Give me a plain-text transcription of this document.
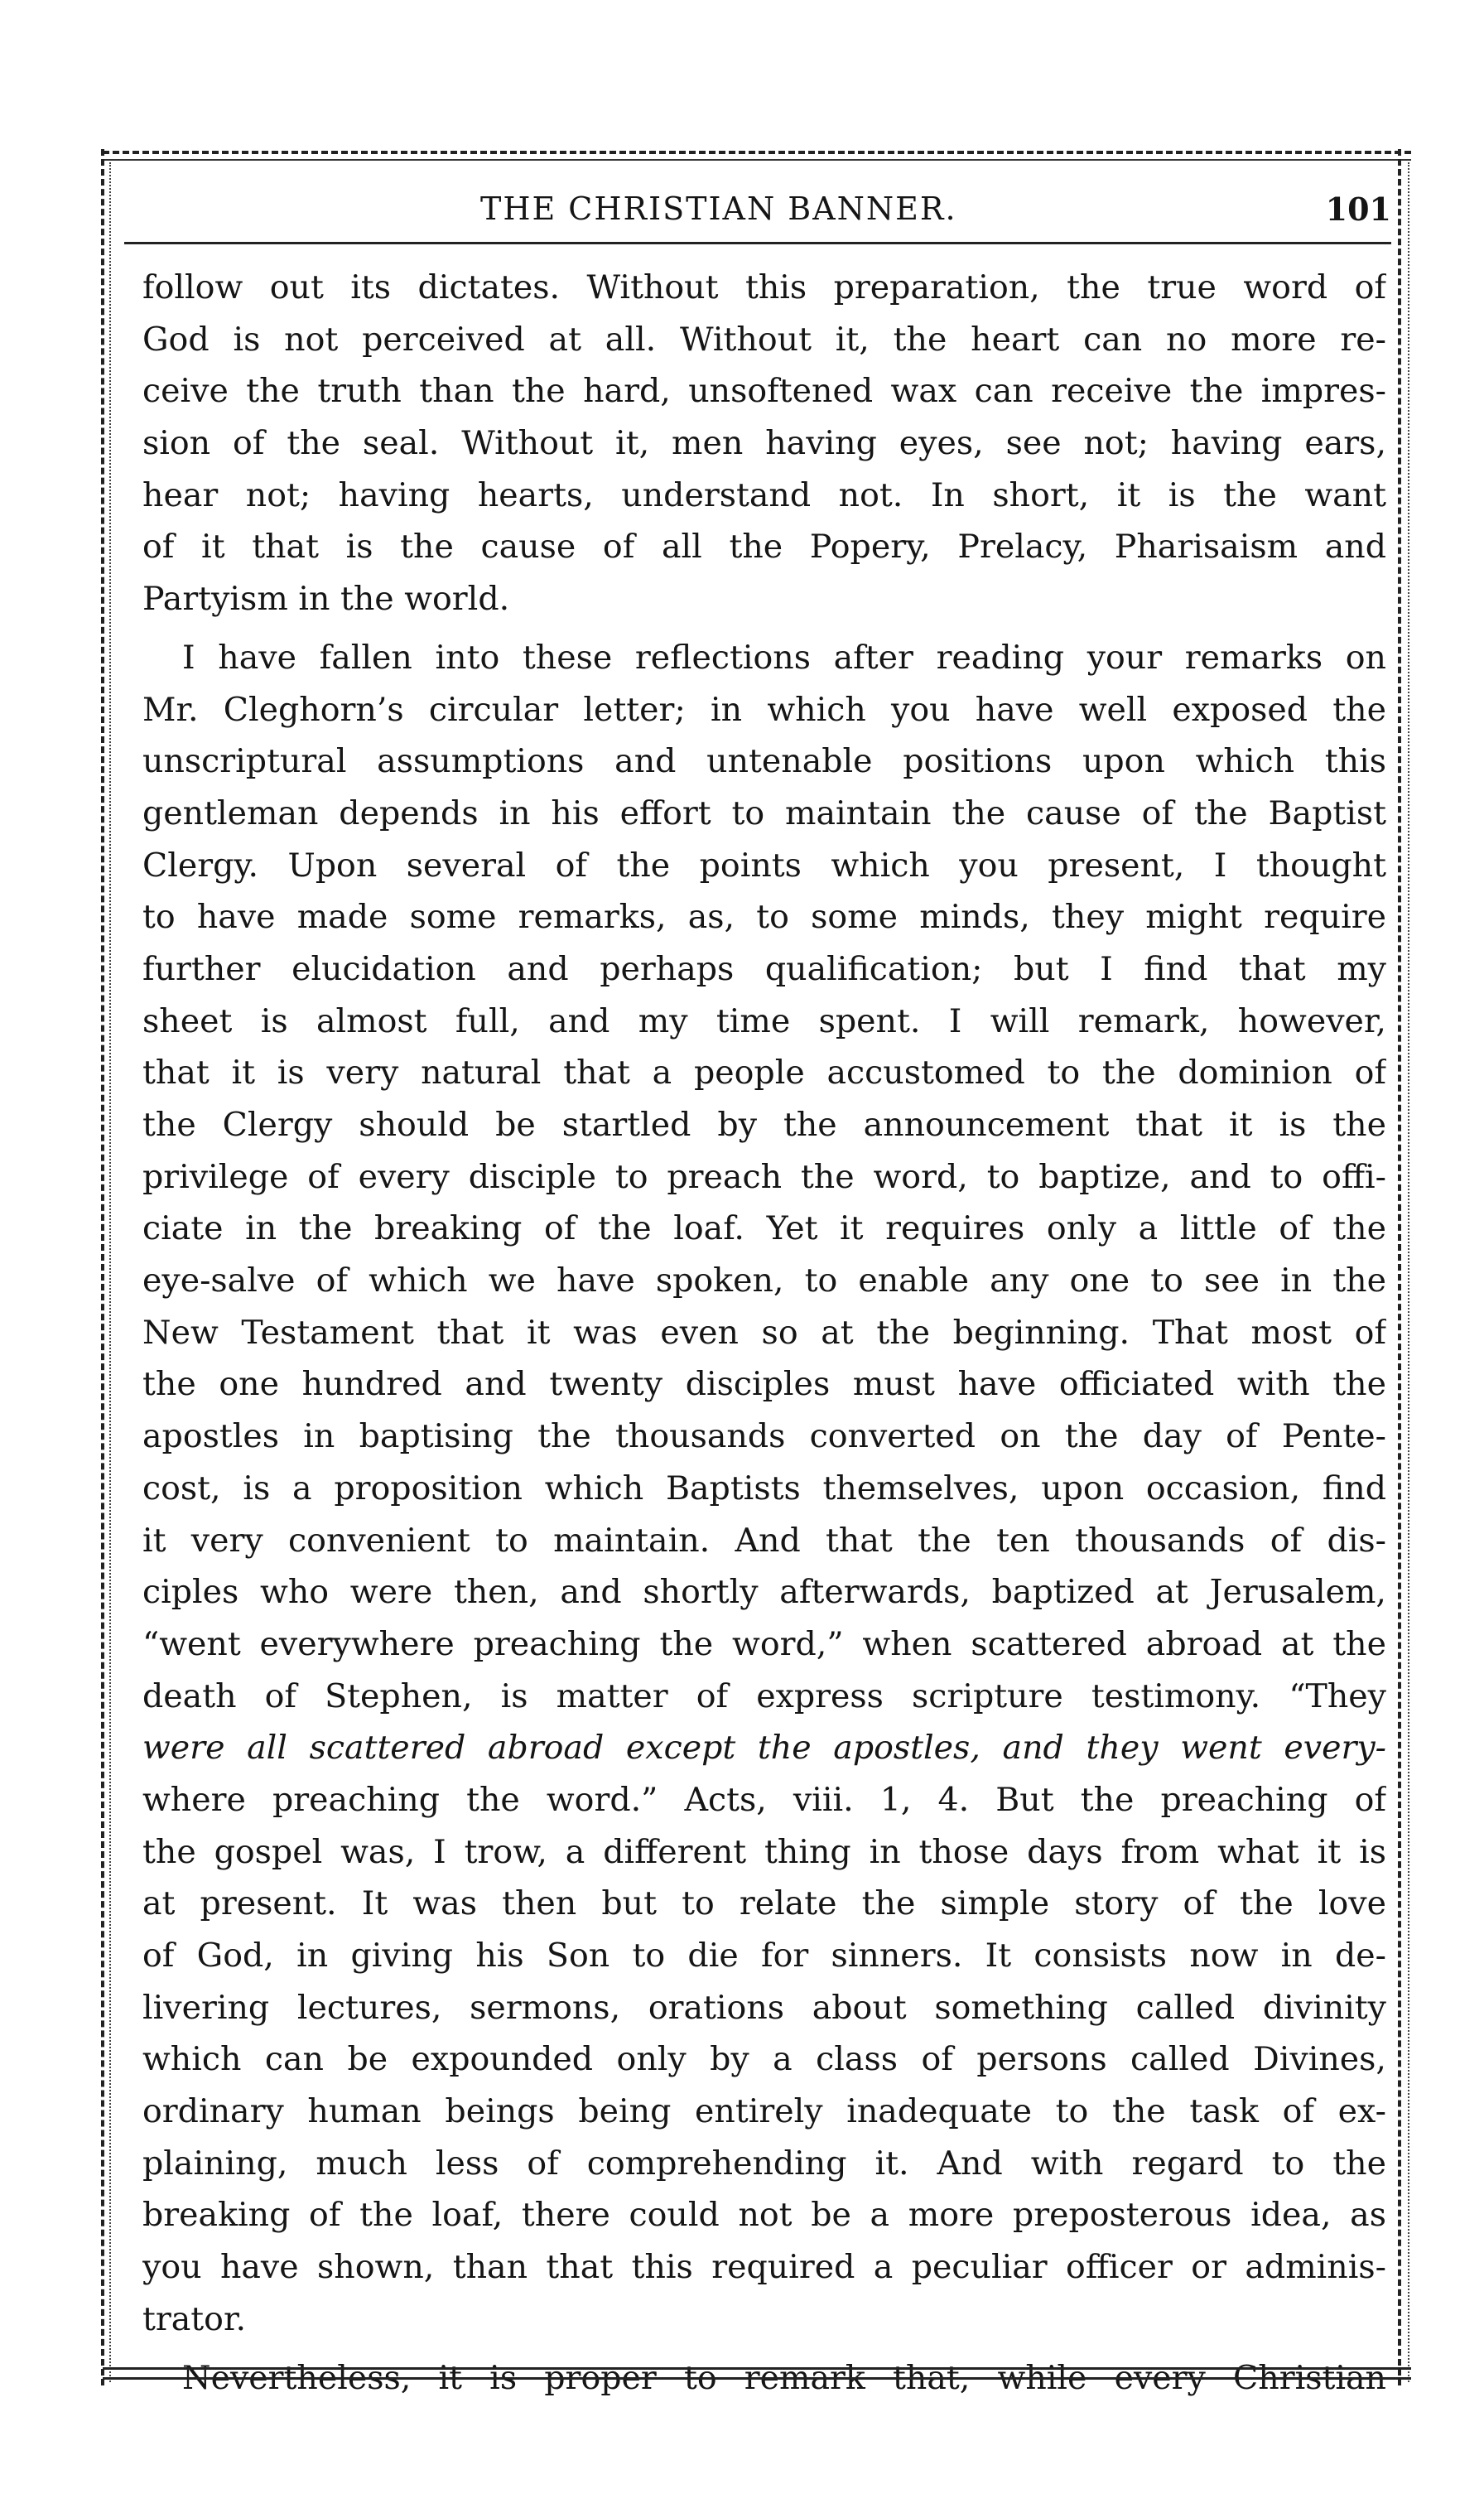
THE CHRISTIAN BANNER.	101
follow out its dictates. Without this preparation, the true word of
God is not perceived at all. Without it, the heart can no more re-
ceive the truth than the hard, unsoftened wax can receive the impres-
sion of the seal. Without it, men having eyes, see not; having ears,
hear not; having hearts, understand not. In short, it is the want
of it that is the cause of all the Popery, Prelacy, Pharisaism and
Partyism in the world.
I have fallen into these reflections after reading your remarks on
Mr. Cleghorn’s circular letter; in which you have well exposed the
unscriptural assumptions and untenable positions upon which this
gentleman depends in his effort to maintain the cause of the Baptist
Clergy. Upon several of the points which you present, I thought
to have made some remarks, as, to some minds, they might require
further elucidation and perhaps qualification; but I find that my
sheet is almost full, and my time spent. I will remark, however,
that it is very natural that a people accustomed to the dominion of
the Clergy should be startled by the announcement that it is the
privilege of every disciple to preach the word, to baptize, and to offi-
ciate in the breaking of the loaf. Yet it requires only a little of the
eye-salve of which we have spoken, to enable any one to see in the
New Testament that it was even so at the beginning. That most of
the one hundred and twenty disciples must have officiated with the
apostles in baptising the thousands converted on the day of Pente-
cost, is a proposition which Baptists themselves, upon occasion, find
it very convenient to maintain. And that the ten thousands of dis-
ciples who were then, and shortly afterwards, baptized at Jerusalem,
“went everywhere preaching the word,” when scattered abroad at the
death of Stephen, is matter of express scripture testimony. “They
were all scattered abroad except the apostles, and they went every-
where preaching the word.” Acts, viii. 1, 4. But the preaching of
the gospel was, I trow, a different thing in those days from what it is
at present. It was then but to relate the simple story of the love
of God, in giving his Son to die for sinners. It consists now in de-
livering lectures, sermons, orations about something called divinity
which can be expounded only by a class of persons called Divines,
ordinary human beings being entirely inadequate to the task of ex-
plaining, much less of comprehending it. And with regard to the
breaking of the loaf, there could not be a more preposterous idea, as
you have shown, than that this required a peculiar officer or adminis-
trator.
Nevertheless, it is proper to remark that, while every Christian
